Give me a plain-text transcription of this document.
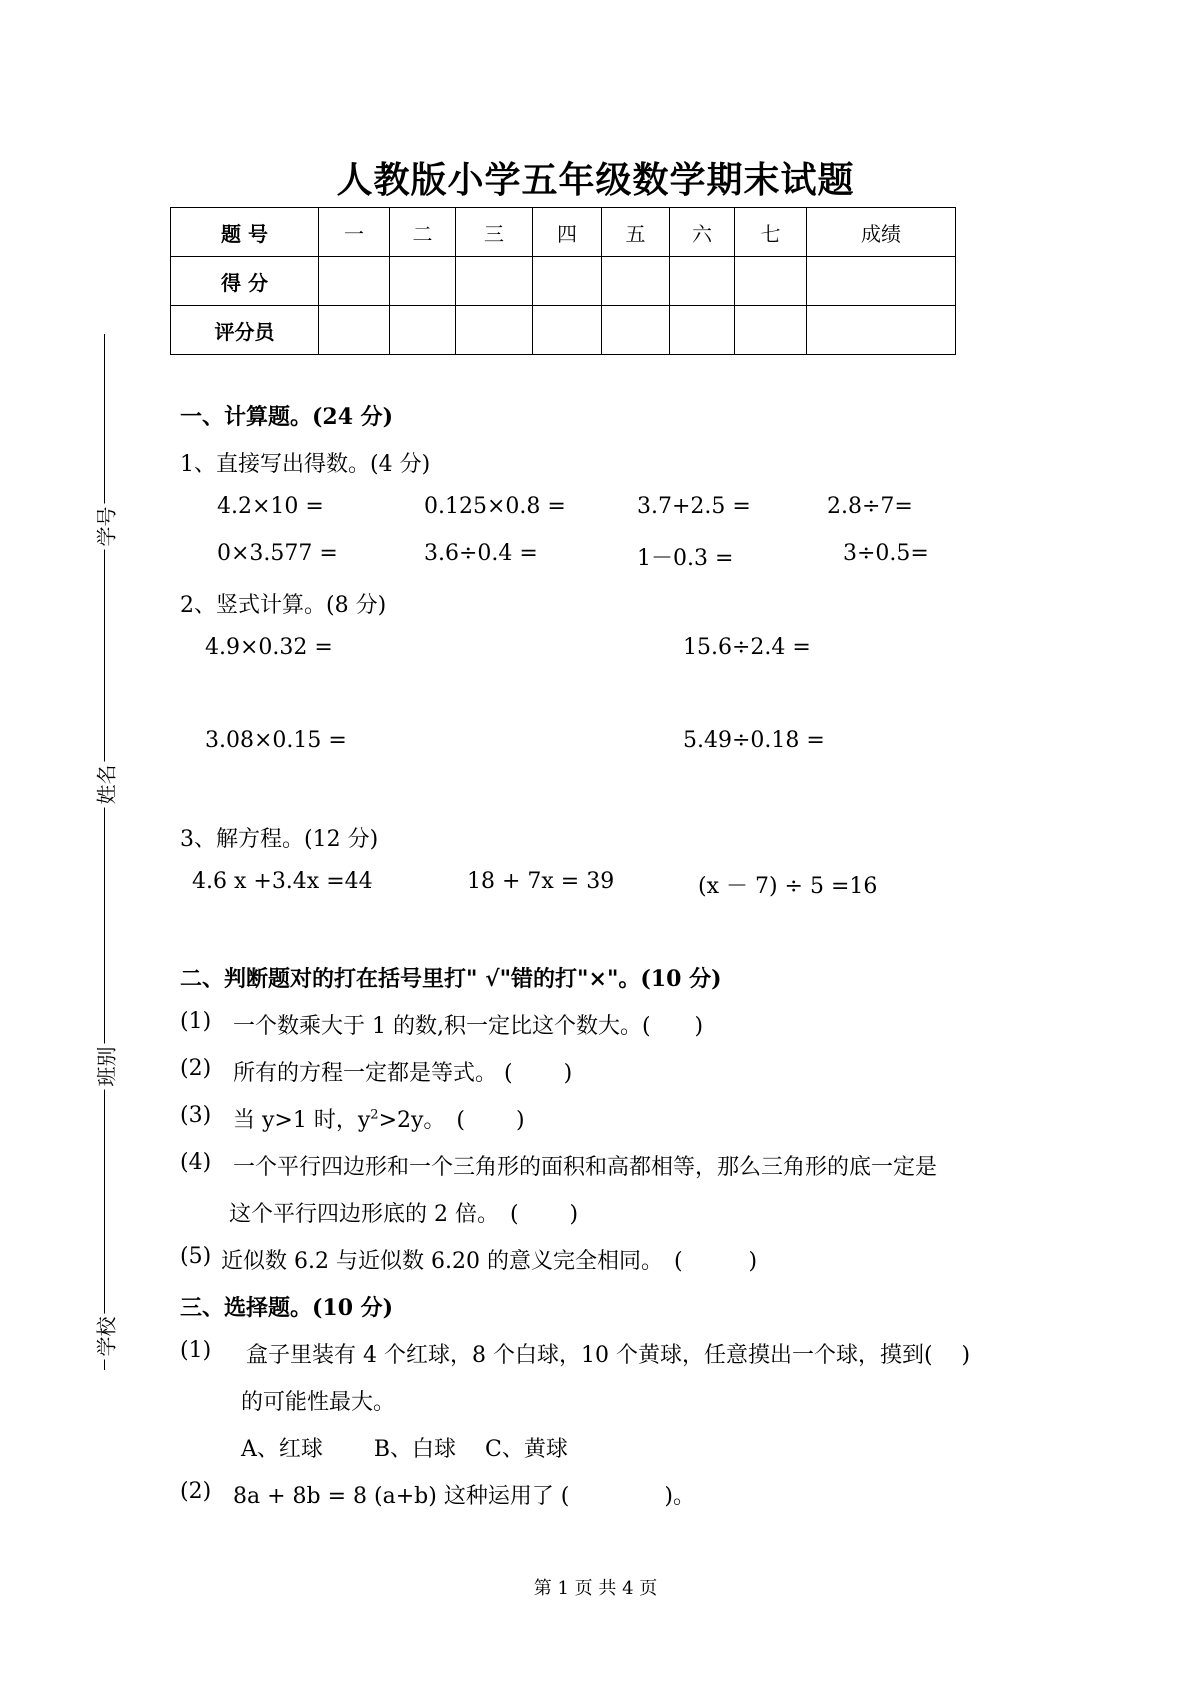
人教版小学五年级数学期末试题
题 号	一	二	三	四	五	六	七	成绩
得 分								
评分员								
学号
姓名
班别
学校
一、计算题。(24 分)
1、直接写出得数。(4 分)
4.2×10 =	0.125×0.8 =	3.7+2.5 =	2.8÷7=
0×3.577 =	3.6÷0.4 =	1－0.3 =	3÷0.5=
2、竖式计算。(8 分)
4.9×0.32 =	15.6÷2.4 =
3.08×0.15 =	5.49÷0.18 =
3、解方程。(12 分)
4.6 x +3.4x =44	18 + 7x = 39	(x － 7) ÷ 5 =16
二、判断题对的打在括号里打" √"错的打"×"。(10 分)
(1) 一个数乘大于 1 的数,积一定比这个数大。(　　)
(2) 所有的方程一定都是等式。 (　　 )
(3) 当 y>1 时，$y^2>2y$。　(　　 )
(4) 一个平行四边形和一个三角形的面积和高都相等，那么三角形的底一定是
这个平行四边形底的 2 倍。　(　　 )
(5) 近似数 6.2 与近似数 6.20 的意义完全相同。　(　　　)
三、选择题。(10 分)
(1) 盒子里装有 4 个红球，8 个白球，10 个黄球，任意摸出一个球，摸到(　 )
的可能性最大。
A、红球　　 B、白球　 C、黄球
(2) 8a + 8b = 8 (a+b) 这种运用了 (　　　　 )。
第 1 页 共 4 页
